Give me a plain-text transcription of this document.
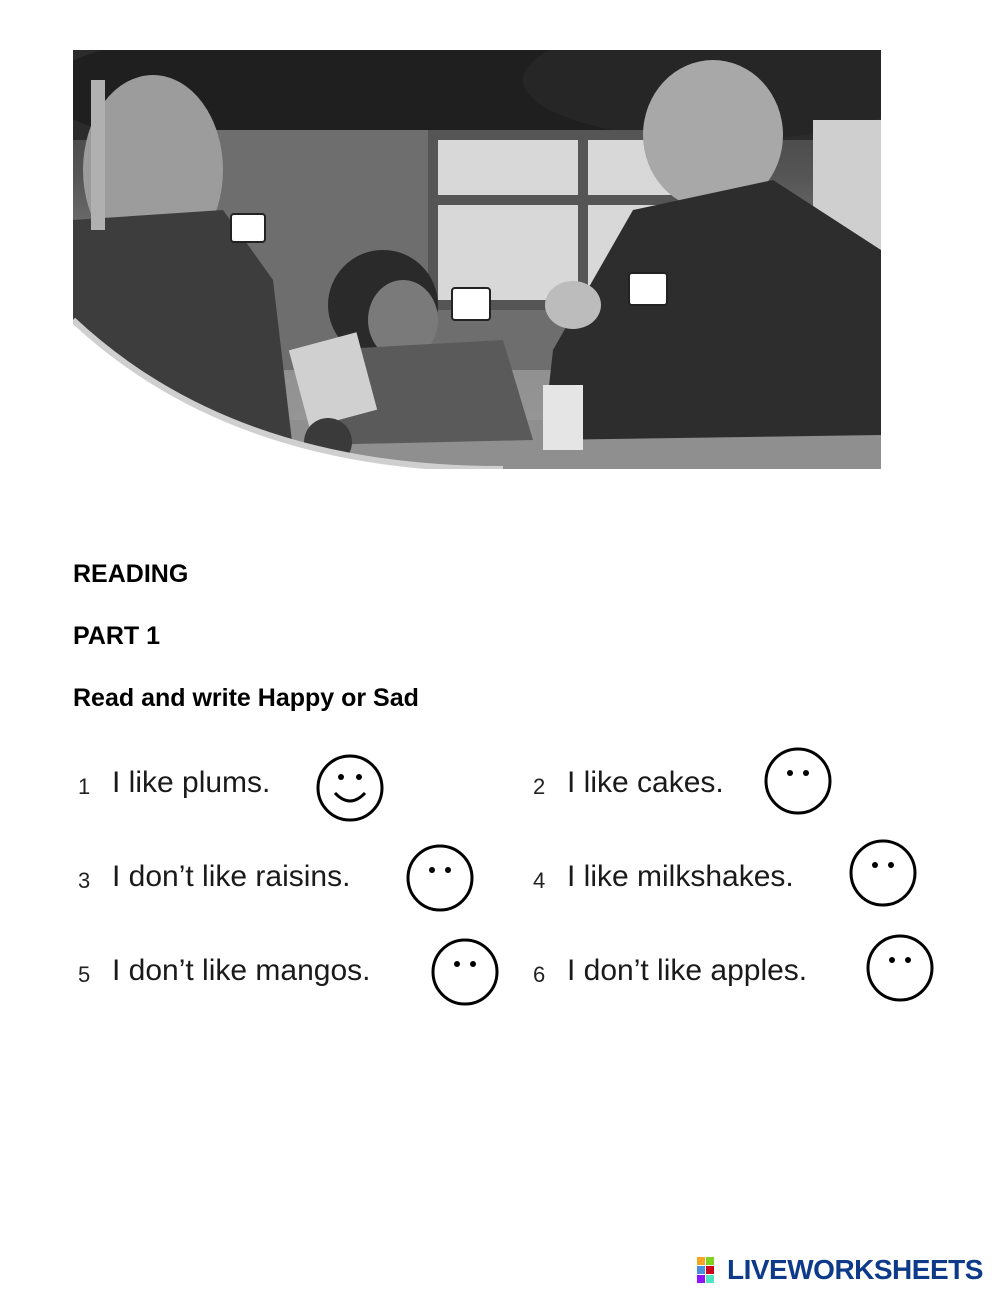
READING

PART 1

Read and write Happy or Sad

1 I like plums.	2 I like cakes.
3 I don’t like raisins.	4 I like milkshakes.
5 I don’t like mangos.	6 I don’t like apples.
LIVEWORKSHEETS
